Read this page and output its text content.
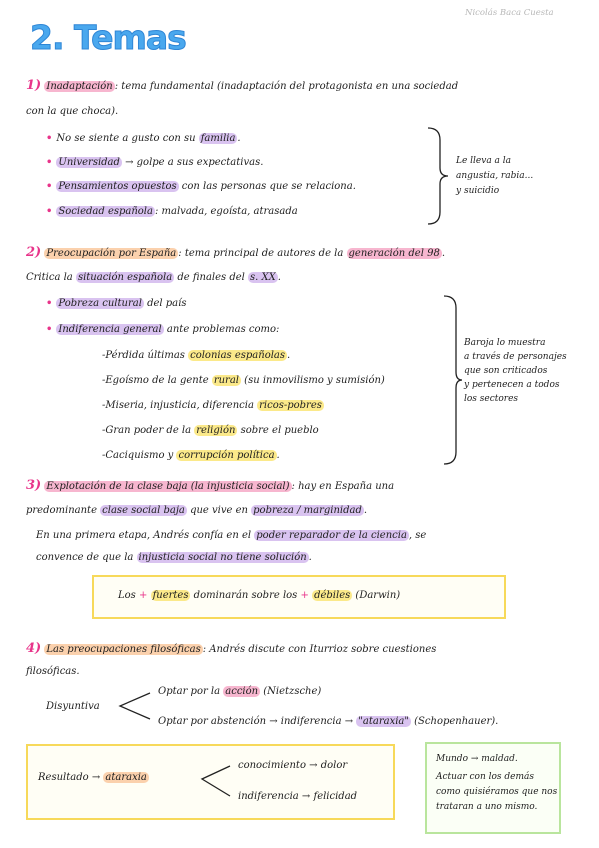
2. Temas
Nicolás Baca Cuesta
1) Inadaptación : tema fundamental (inadaptación del protagonista en una sociedad
con la que choca).
• No se siente a gusto con su familia .
• Universidad → golpe a sus expectativas.
• Pensamientos opuestos con las personas que se relaciona.
• Sociedad española : malvada, egoísta, atrasada
Le lleva a la
angustia, rabia...
y suicidio
2) Preocupación por España : tema principal de autores de la generación del 98 .
Critica la situación española de finales del s. XX .
• Pobreza cultural del país
• Indiferencia general ante problemas como:
-Pérdida últimas colonias españolas .
-Egoísmo de la gente rural (su inmovilismo y sumisión)
-Miseria, injusticia, diferencia ricos-pobres
-Gran poder de la religión sobre el pueblo
-Caciquismo y corrupción política .
Baroja lo muestra
a través de personajes
que son criticados
y pertenecen a todos
los sectores
3) Explotación de la clase baja (la injusticia social) : hay en España una
predominante clase social baja que vive en pobreza / marginidad .
En una primera etapa, Andrés confía en el poder reparador de la ciencia , se
convence de que la injusticia social no tiene solución .
Los + fuertes dominarán sobre los + débiles (Darwin)
4) Las preocupaciones filosóficas : Andrés discute con Iturrioz sobre cuestiones
filosóficas.
Disyuntiva
Optar por la acción (Nietzsche)
Optar por abstención → indiferencia → "ataraxia" (Schopenhauer).
Resultado → ataraxia
conocimiento → dolor
indiferencia → felicidad
Mundo → maldad.
Actuar con los demás
como quisiéramos que nos
trataran a uno mismo.
